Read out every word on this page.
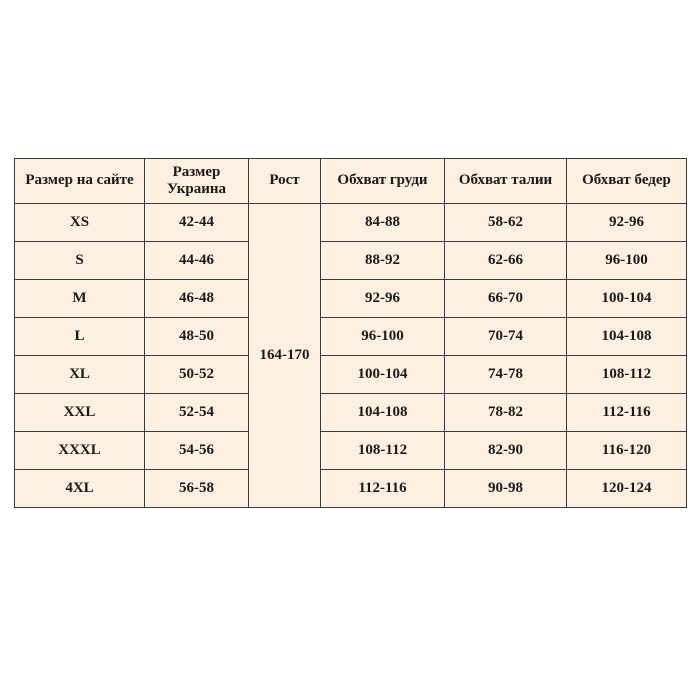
Размер на сайте	Размер Украина	Рост	Обхват груди	Обхват талии	Обхват бедер
XS	42-44	164-170	84-88	58-62	92-96
S	44-46		88-92	62-66	96-100
M	46-48		92-96	66-70	100-104
L	48-50		96-100	70-74	104-108
XL	50-52		100-104	74-78	108-112
XXL	52-54		104-108	78-82	112-116
XXXL	54-56		108-112	82-90	116-120
4XL	56-58		112-116	90-98	120-124
